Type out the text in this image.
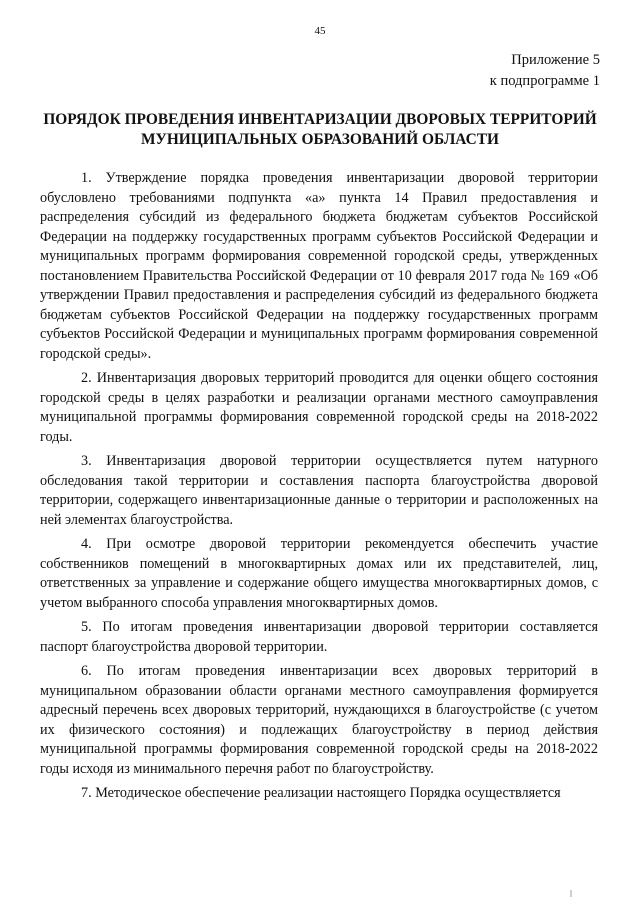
45
Приложение 5
к подпрограмме 1
ПОРЯДОК ПРОВЕДЕНИЯ ИНВЕНТАРИЗАЦИИ ДВОРОВЫХ ТЕРРИТОРИЙ
МУНИЦИПАЛЬНЫХ ОБРАЗОВАНИЙ ОБЛАСТИ

1. Утверждение порядка проведения инвентаризации дворовой территории обусловлено требованиями подпункта «а» пункта 14 Правил предоставления и распределения субсидий из федерального бюджета бюджетам субъектов Российской Федерации на поддержку государственных программ субъектов Российской Федерации и муниципальных программ формирования современной городской среды, утвержденных постановлением Правительства Российской Федерации от 10 февраля 2017 года № 169 «Об утверждении Правил предоставления и распределения субсидий из федерального бюджета бюджетам субъектов Российской Федерации на поддержку государственных программ субъектов Российской Федерации и муниципальных программ формирования современной городской среды».

2. Инвентаризация дворовых территорий проводится для оценки общего состояния городской среды в целях разработки и реализации органами местного самоуправления муниципальной программы формирования современной городской среды на 2018-2022 годы.

3. Инвентаризация дворовой территории осуществляется путем натурного обследования такой территории и составления паспорта благоустройства дворовой территории, содержащего инвентаризационные данные о территории и расположенных на ней элементах благоустройства.

4. При осмотре дворовой территории рекомендуется обеспечить участие собственников помещений в многоквартирных домах или их представителей, лиц, ответственных за управление и содержание общего имущества многоквартирных домов, с учетом выбранного способа управления многоквартирных домов.

5. По итогам проведения инвентаризации дворовой территории составляется паспорт благоустройства дворовой территории.

6. По итогам проведения инвентаризации всех дворовых территорий в муниципальном образовании области органами местного самоуправления формируется адресный перечень всех дворовых территорий, нуждающихся в благоустройстве (с учетом их физического состояния) и подлежащих благоустройству в период действия муниципальной программы формирования современной городской среды на 2018-2022 годы исходя из минимального перечня работ по благоустройству.

7. Методическое обеспечение реализации настоящего Порядка осуществляется
